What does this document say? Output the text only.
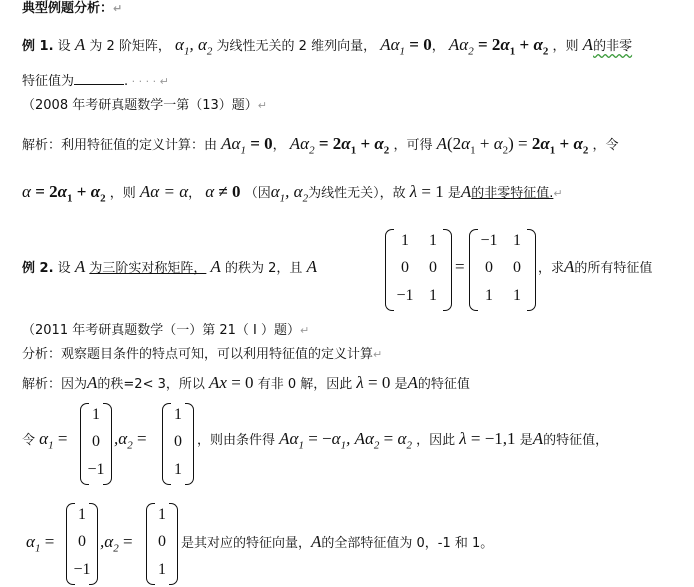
典型例题分析：↵
例 1. 设 A 为 2 阶矩阵， $\alpha_1$, $\alpha_2$ 为线性无关的 2 维列向量， $A\alpha_1 = 0$， $A\alpha_2 = 2\alpha_1 + \alpha_2$ ，则 A的非零
特征值为	. · · · · ↵
（2008 年考研真题数学一第（13）题）↵
解析：利用特征值的定义计算：由 $A\alpha_1 = 0$， $A\alpha_2 = 2\alpha_1 + \alpha_2$ ，可得 $A(2\alpha_1 + \alpha_2) = 2\alpha_1 + \alpha_2$ ，令
$\alpha = 2\alpha_1 + \alpha_2$ ，则 Aα = α， α ≠ 0 （因$\alpha_1$, $\alpha_2$为线性无关），故 λ = 1 是A的非零特征值.↵
例 2. 设 A 为三阶实对称矩阵， A 的秩为 2，且 A
1	1
0	0
−1 1
=
−1 1
0	0
1	1
，求A的所有特征值
（2011 年考研真题数学（一）第 21（ I ）题）↵
分析：观察题目条件的特点可知，可以利用特征值的定义计算↵
解析：因为A的秩=2< 3，所以 Ax = 0 有非 0 解，因此 λ = 0 是A的特征值
令 $\alpha_1$ =
1
0
−1
$,\alpha_2$ =
1
0
1
，则由条件得 $A\alpha_1 = -\alpha_1$, $A\alpha_2 = \alpha_2$ ，因此 λ = −1,1 是A的特征值，
$\alpha_1$ =
1
0
−1
$,\alpha_2$ =
1
0
1
是其对应的特征向量，A的全部特征值为 0，-1 和 1。
